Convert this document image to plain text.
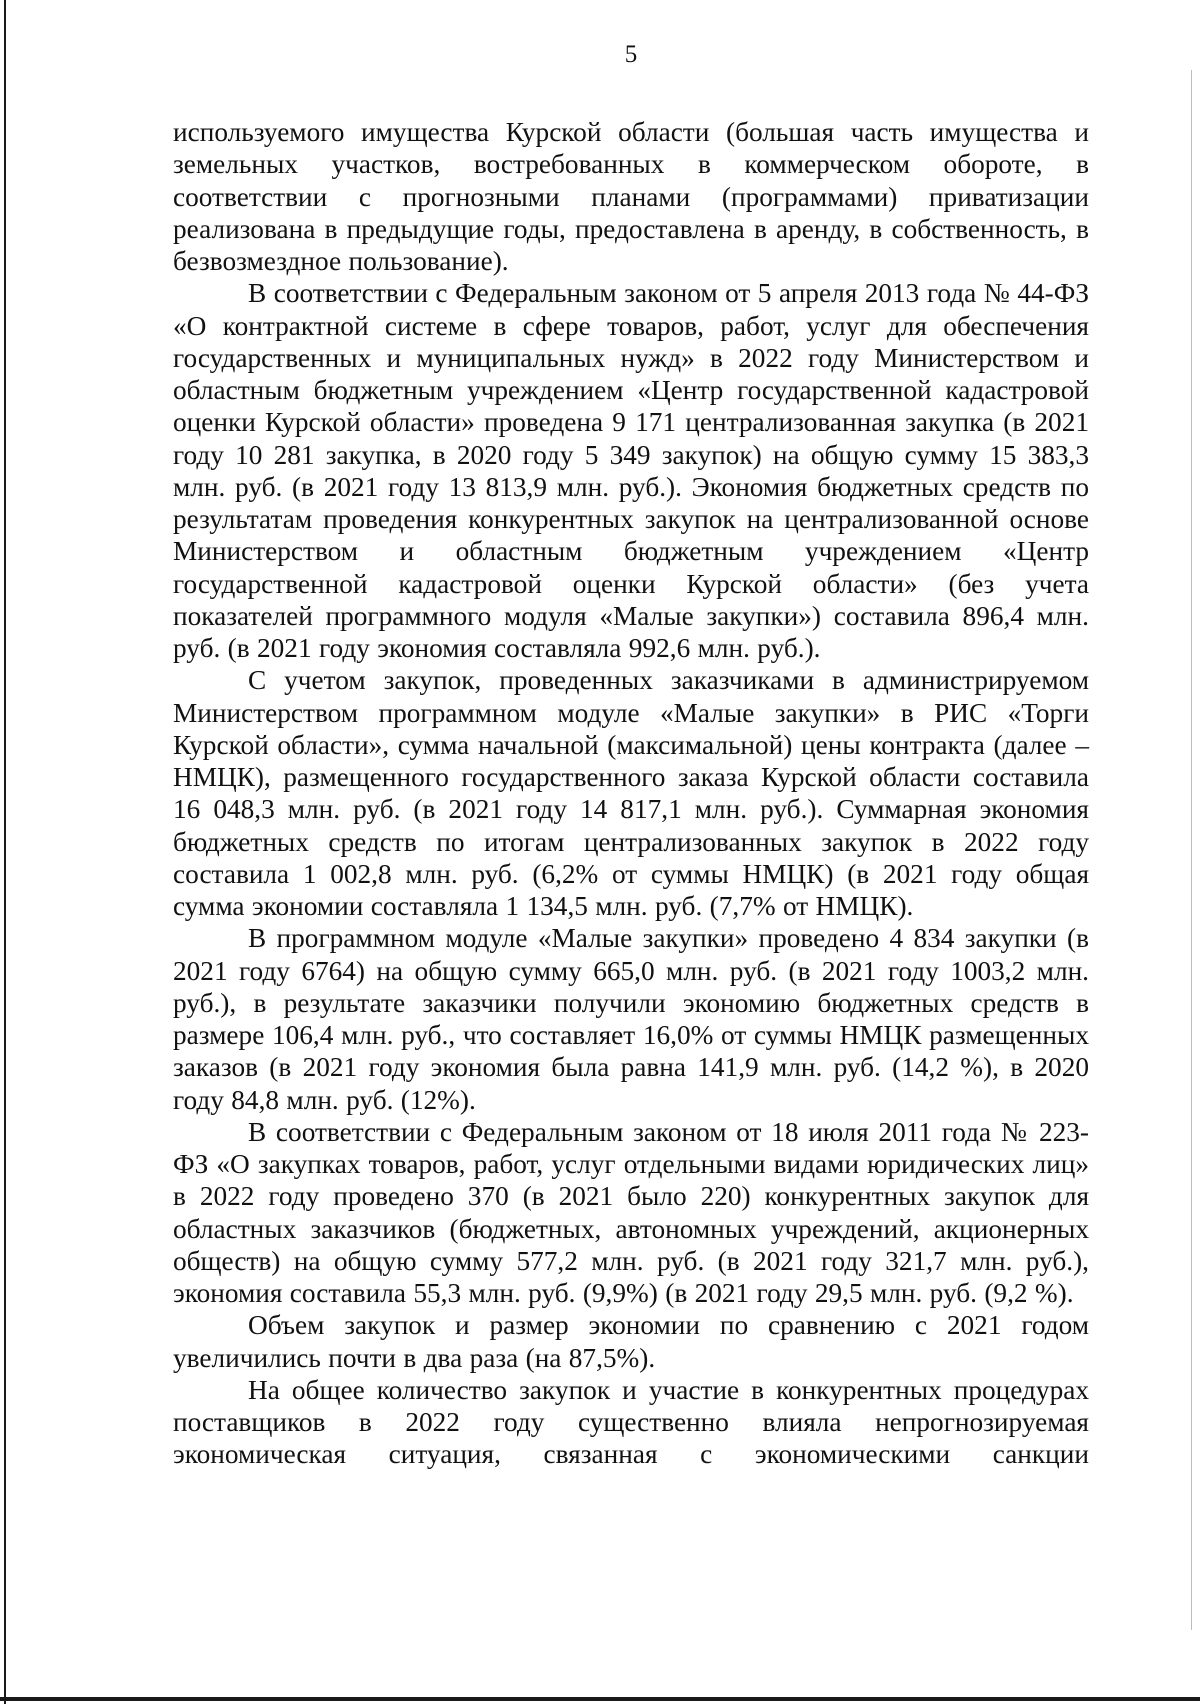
5

используемого имущества Курской области (большая часть имущества и земельных участков, востребованных в коммерческом обороте, в соответствии с прогнозными планами (программами) приватизации реализована в предыдущие годы, предоставлена в аренду, в собственность, в безвозмездное пользование).

В соответствии с Федеральным законом от 5 апреля 2013 года № 44-ФЗ «О контрактной системе в сфере товаров, работ, услуг для обеспечения государственных и муниципальных нужд» в 2022 году Министерством и областным бюджетным учреждением «Центр государственной кадастровой оценки Курской области» проведена 9 171 централизованная закупка (в 2021 году 10 281 закупка, в 2020 году 5 349 закупок) на общую сумму 15 383,3 млн. руб. (в 2021 году 13 813,9 млн. руб.). Экономия бюджетных средств по результатам проведения конкурентных закупок на централизованной основе Министерством и областным бюджетным учреждением «Центр государственной кадастровой оценки Курской области» (без учета показателей программного модуля «Малые закупки») составила 896,4 млн. руб. (в 2021 году экономия составляла 992,6 млн. руб.).

С учетом закупок, проведенных заказчиками в администрируемом Министерством программном модуле «Малые закупки» в РИС «Торги Курской области», сумма начальной (максимальной) цены контракта (далее – НМЦК), размещенного государственного заказа Курской области составила 16 048,3 млн. руб. (в 2021 году 14 817,1 млн. руб.). Суммарная экономия бюджетных средств по итогам централизованных закупок в 2022 году составила 1 002,8 млн. руб. (6,2% от суммы НМЦК) (в 2021 году общая сумма экономии составляла 1 134,5 млн. руб. (7,7% от НМЦК).

В программном модуле «Малые закупки» проведено 4 834 закупки (в 2021 году 6764) на общую сумму 665,0 млн. руб. (в 2021 году 1003,2 млн. руб.), в результате заказчики получили экономию бюджетных средств в размере 106,4 млн. руб., что составляет 16,0% от суммы НМЦК размещенных заказов (в 2021 году экономия была равна 141,9 млн. руб. (14,2 %), в 2020 году 84,8 млн. руб. (12%).

В соответствии с Федеральным законом от 18 июля 2011 года № 223-ФЗ «О закупках товаров, работ, услуг отдельными видами юридических лиц» в 2022 году проведено 370 (в 2021 было 220) конкурентных закупок для областных заказчиков (бюджетных, автономных учреждений, акционерных обществ) на общую сумму 577,2 млн. руб. (в 2021 году 321,7 млн. руб.), экономия составила 55,3 млн. руб. (9,9%) (в 2021 году 29,5 млн. руб. (9,2 %).

Объем закупок и размер экономии по сравнению с 2021 годом увеличились почти в два раза (на 87,5%).

На общее количество закупок и участие в конкурентных процедурах поставщиков в 2022 году существенно влияла непрогнозируемая экономическая ситуация, связанная с экономическими санкции
